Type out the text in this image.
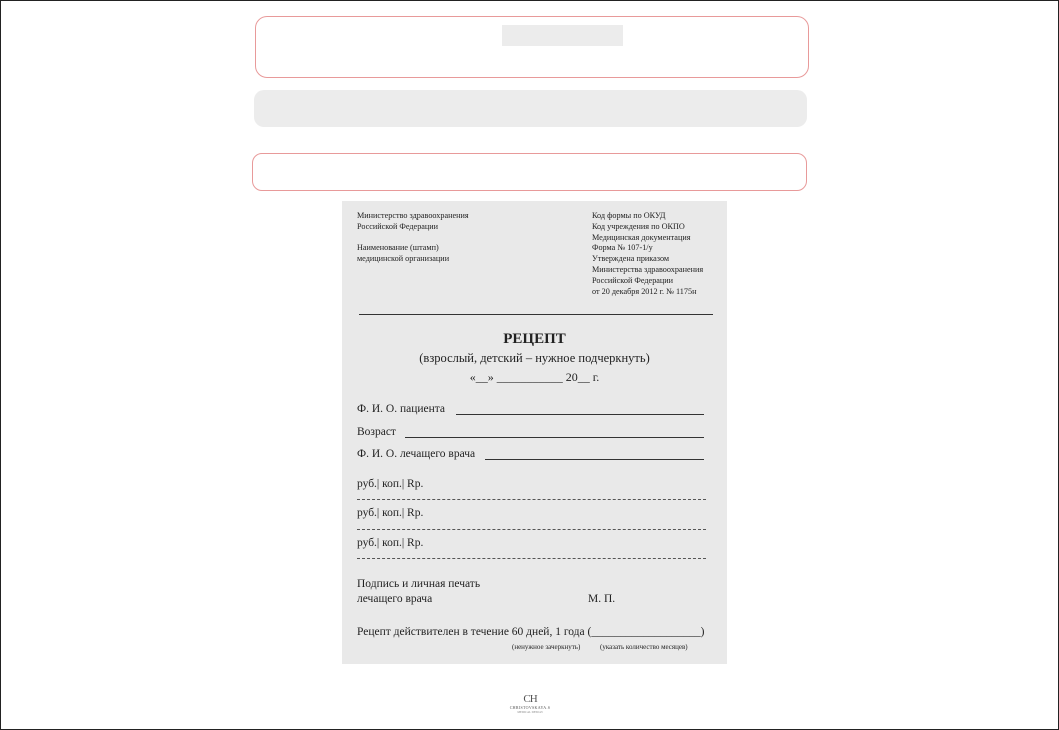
Министерство здравоохранения
Российской Федерации

Наименование (штамп)
медицинской организации
Код формы по ОКУД
Код учреждения по ОКПО
Медицинская документация
Форма № 107-1/у
Утверждена приказом
Министерства здравоохранения
Российской Федерации
от 20 декабря 2012 г. № 1175н
РЕЦЕПТ
(взрослый, детский – нужное подчеркнуть)
«__» ___________ 20__ г.
Ф. И. О. пациента
Возраст
Ф. И. О. лечащего врача
руб.| коп.| Rp.
руб.| коп.| Rp.
руб.| коп.| Rp.
Подпись и личная печать
лечащего врача	М. П.
Рецепт действителен в течение 60 дней, 1 года (___________________)
(ненужное зачеркнуть)	(указать количество месяцев)
CH
CHRISTOVSKAYA.S
MEDICAL DESIGN
